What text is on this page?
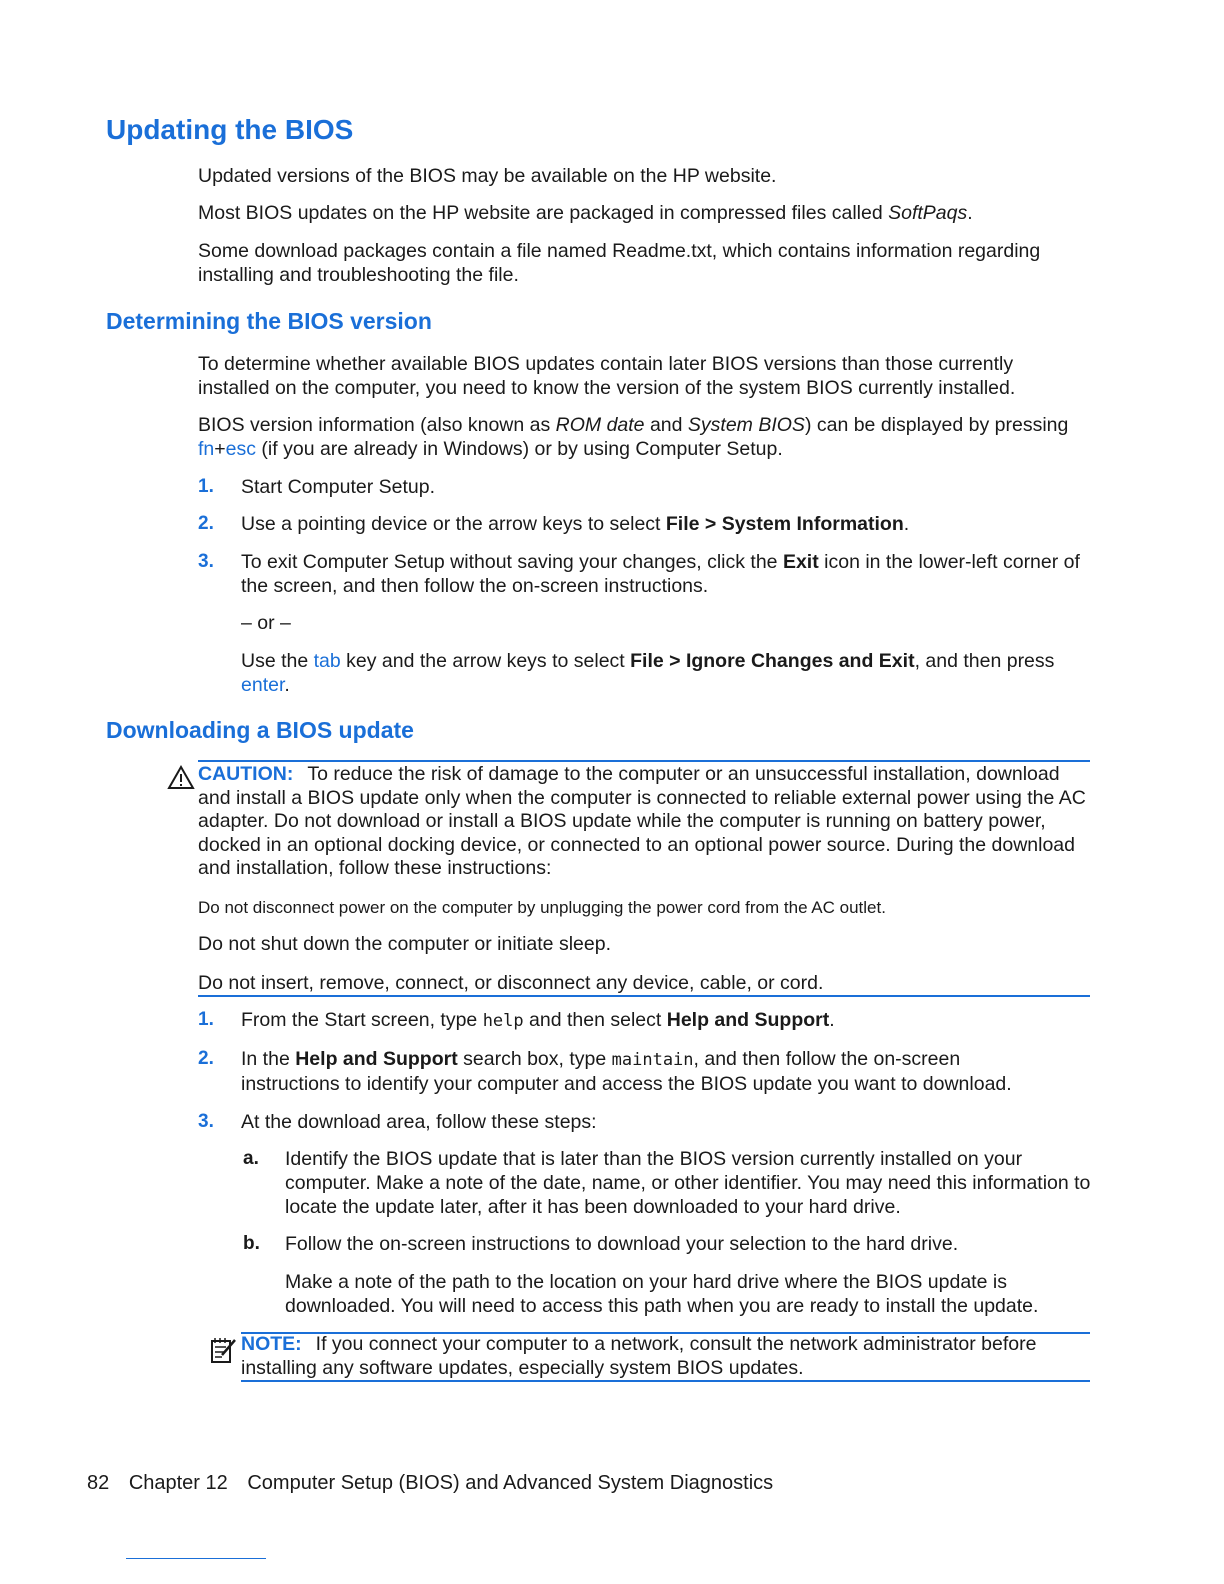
Updating the BIOS

Updated versions of the BIOS may be available on the HP website.

Most BIOS updates on the HP website are packaged in compressed files called SoftPaqs.

Some download packages contain a file named Readme.txt, which contains information regarding installing and troubleshooting the file.

Determining the BIOS version

To determine whether available BIOS updates contain later BIOS versions than those currently installed on the computer, you need to know the version of the system BIOS currently installed.

BIOS version information (also known as ROM date and System BIOS) can be displayed by pressing fn+esc (if you are already in Windows) or by using Computer Setup.

1. Start Computer Setup.

2. Use a pointing device or the arrow keys to select File > System Information.

3. To exit Computer Setup without saving your changes, click the Exit icon in the lower-left corner of the screen, and then follow the on-screen instructions.

– or –

Use the tab key and the arrow keys to select File > Ignore Changes and Exit, and then press enter.

Downloading a BIOS update

CAUTION: To reduce the risk of damage to the computer or an unsuccessful installation, download and install a BIOS update only when the computer is connected to reliable external power using the AC adapter. Do not download or install a BIOS update while the computer is running on battery power, docked in an optional docking device, or connected to an optional power source. During the download and installation, follow these instructions:

Do not disconnect power on the computer by unplugging the power cord from the AC outlet.

Do not shut down the computer or initiate sleep.

Do not insert, remove, connect, or disconnect any device, cable, or cord.

1. From the Start screen, type help and then select Help and Support.

2. In the Help and Support search box, type maintain, and then follow the on-screen instructions to identify your computer and access the BIOS update you want to download.

3. At the download area, follow these steps:

a. Identify the BIOS update that is later than the BIOS version currently installed on your computer. Make a note of the date, name, or other identifier. You may need this information to locate the update later, after it has been downloaded to your hard drive.

b. Follow the on-screen instructions to download your selection to the hard drive.

Make a note of the path to the location on your hard drive where the BIOS update is downloaded. You will need to access this path when you are ready to install the update.

NOTE: If you connect your computer to a network, consult the network administrator before installing any software updates, especially system BIOS updates.

82 Chapter 12 Computer Setup (BIOS) and Advanced System Diagnostics
